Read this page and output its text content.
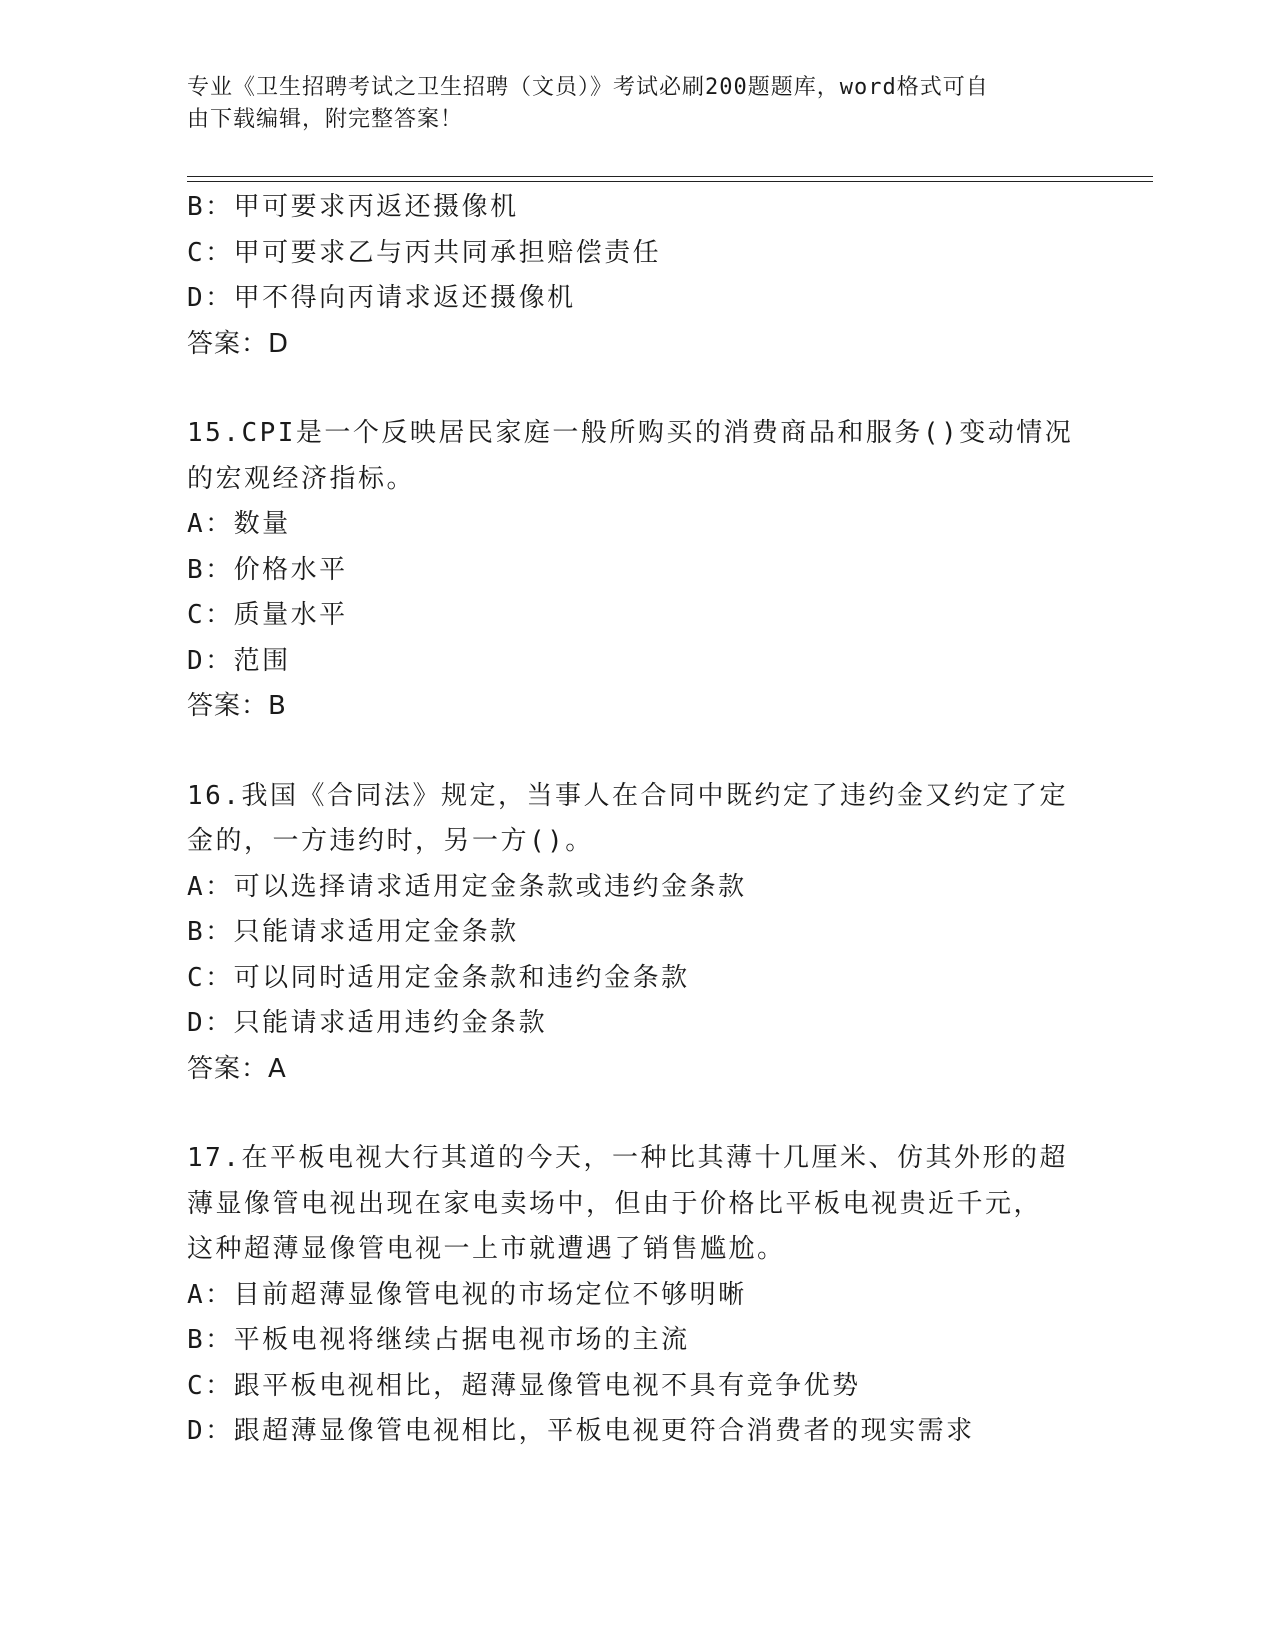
专业《卫生招聘考试之卫生招聘（文员）》考试必刷200题题库，word格式可自
由下载编辑，附完整答案！
B：甲可要求丙返还摄像机
C：甲可要求乙与丙共同承担赔偿责任
D：甲不得向丙请求返还摄像机
答案：D
15.CPI是一个反映居民家庭一般所购买的消费商品和服务()变动情况
的宏观经济指标。
A：数量
B：价格水平
C：质量水平
D：范围
答案：B
16.我国《合同法》规定，当事人在合同中既约定了违约金又约定了定
金的，一方违约时，另一方()。
A：可以选择请求适用定金条款或违约金条款
B：只能请求适用定金条款
C：可以同时适用定金条款和违约金条款
D：只能请求适用违约金条款
答案：A
17.在平板电视大行其道的今天，一种比其薄十几厘米、仿其外形的超
薄显像管电视出现在家电卖场中，但由于价格比平板电视贵近千元，
这种超薄显像管电视一上市就遭遇了销售尴尬。
A：目前超薄显像管电视的市场定位不够明晰
B：平板电视将继续占据电视市场的主流
C：跟平板电视相比，超薄显像管电视不具有竞争优势
D：跟超薄显像管电视相比，平板电视更符合消费者的现实需求
